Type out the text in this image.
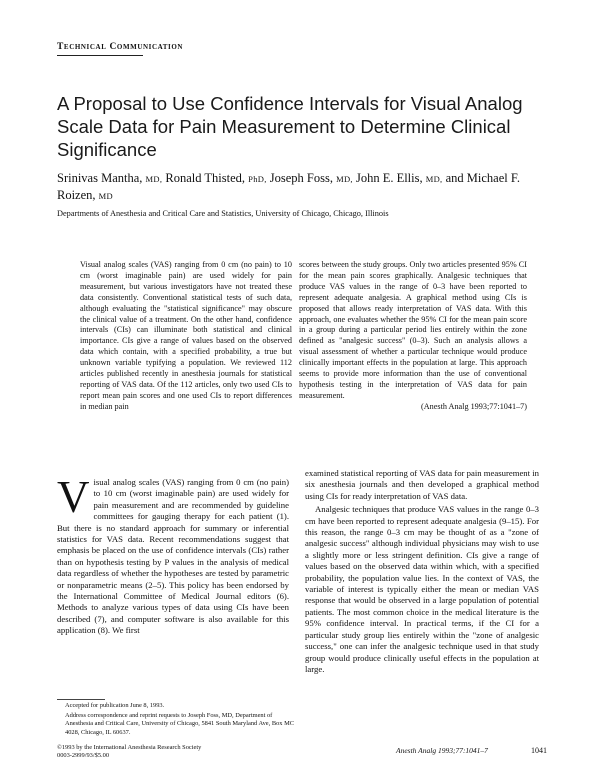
Technical Communication
A Proposal to Use Confidence Intervals for Visual Analog Scale Data for Pain Measurement to Determine Clinical Significance
Srinivas Mantha, MD, Ronald Thisted, PhD, Joseph Foss, MD, John E. Ellis, MD, and Michael F. Roizen, MD
Departments of Anesthesia and Critical Care and Statistics, University of Chicago, Chicago, Illinois
Visual analog scales (VAS) ranging from 0 cm (no pain) to 10 cm (worst imaginable pain) are used widely for pain measurement, but various investigators have not treated these data consistently. Conventional statistical tests of such data, although evaluating the "statistical significance" may obscure the clinical value of a treatment. On the other hand, confidence intervals (CIs) can illuminate both statistical and clinical importance. CIs give a range of values based on the observed data which contain, with a specified probability, a true but unknown variable typifying a population. We reviewed 112 articles published recently in anesthesia journals for statistical reporting of VAS data. Of the 112 articles, only two used CIs to report mean pain scores and one used CIs to report differences in median pain
scores between the study groups. Only two articles presented 95% CI for the mean pain scores graphically. Analgesic techniques that produce VAS values in the range of 0–3 have been reported to represent adequate analgesia. A graphical method using CIs is proposed that allows ready interpretation of VAS data. With this approach, one evaluates whether the 95% CI for the mean pain score in a group during a particular period lies entirely within the zone defined as "analgesic success" (0–3). Such an analysis allows a visual assessment of whether a particular technique would produce clinically important effects in the population at large. This approach seems to provide more information than the use of conventional hypothesis testing in the interpretation of VAS data for pain measurement.
(Anesth Analg 1993;77:1041–7)
Visual analog scales (VAS) ranging from 0 cm (no pain) to 10 cm (worst imaginable pain) are used widely for pain measurement and are recommended by guideline committees for gauging therapy for each patient (1). But there is no standard approach for summary or inferential statistics for VAS data. Recent recommendations suggest that emphasis be placed on the use of confidence intervals (CIs) rather than on hypothesis testing by P values in the analysis of medical data regardless of whether the hypotheses are tested by parametric or nonparametric means (2–5). This policy has been endorsed by the International Committee of Medical Journal editors (6). Methods to analyze various types of data using CIs have been described (7), and computer software is also available for this application (8). We first

examined statistical reporting of VAS data for pain measurement in six anesthesia journals and then developed a graphical method using CIs for ready interpretation of VAS data.

Analgesic techniques that produce VAS values in the range 0–3 cm have been reported to represent adequate analgesia (9–15). For this reason, the range 0–3 cm may be thought of as a "zone of analgesic success" although individual physicians may wish to use a slightly more or less stringent definition. CIs give a range of values based on the observed data within which, with a specified probability, the population value lies. In the context of VAS, the variable of interest is typically either the mean or median VAS response that would be observed in a large population of potential patients. The most common choice in the medical literature is the 95% confidence interval. In practical terms, if the CI for a particular study group lies entirely within the "zone of analgesic success," one can infer the analgesic technique used in that study group would produce clinically useful effects in the population at large.

Accepted for publication June 8, 1993.

Address correspondence and reprint requests to Joseph Foss, MD, Department of Anesthesia and Critical Care, University of Chicago, 5841 South Maryland Ave, Box MC 4028, Chicago, IL 60637.

©1993 by the International Anesthesia Research Society
0003-2999/93/$5.00	Anesth Analg 1993;77:1041–7	1041
